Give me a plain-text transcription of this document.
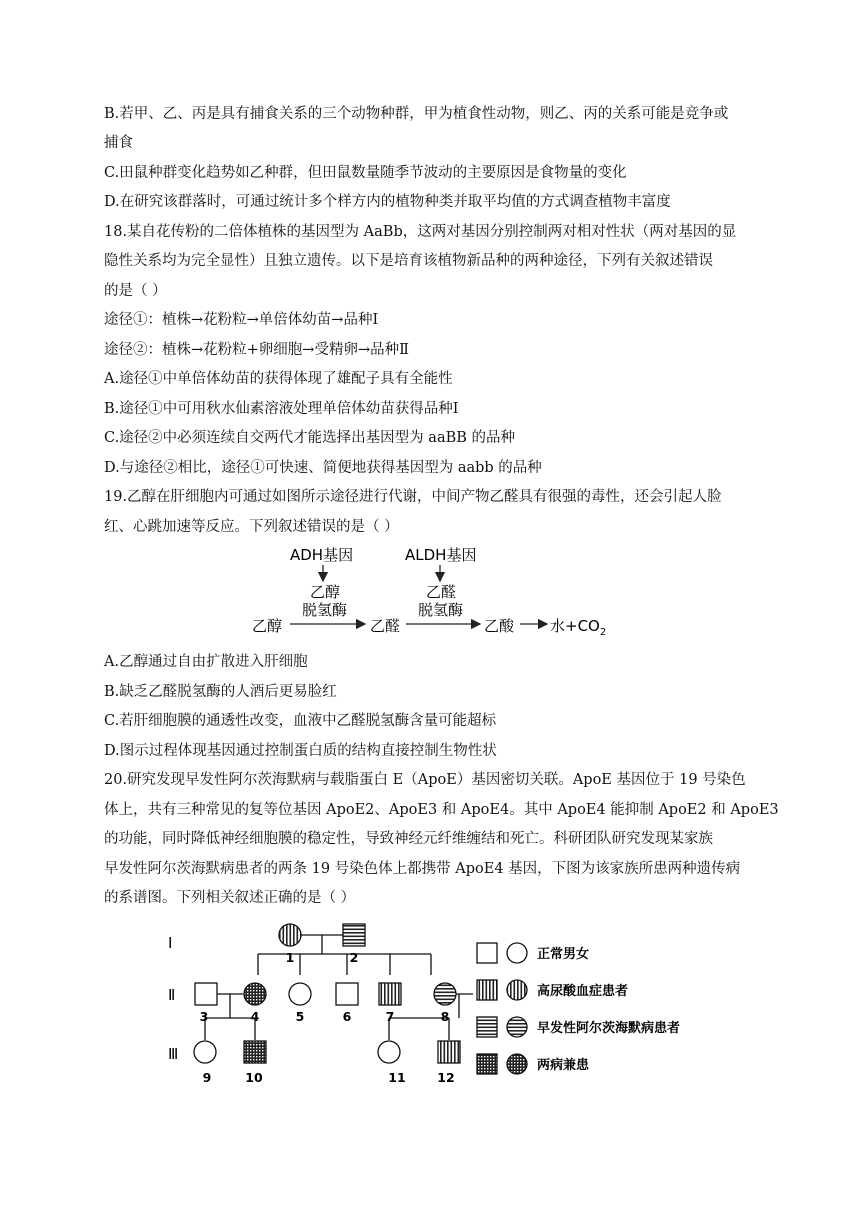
B.若甲、乙、丙是具有捕食关系的三个动物种群，甲为植食性动物，则乙、丙的关系可能是竞争或
捕食
C.田鼠种群变化趋势如乙种群，但田鼠数量随季节波动的主要原因是食物量的变化
D.在研究该群落时，可通过统计多个样方内的植物种类并取平均值的方式调查植物丰富度
18.某自花传粉的二倍体植株的基因型为 AaBb，这两对基因分别控制两对相对性状（两对基因的显
隐性关系均为完全显性）且独立遗传。以下是培育该植物新品种的两种途径，下列有关叙述错误
的是（ ）
途径①：植株→花粉粒→单倍体幼苗→品种Ⅰ
途径②：植株→花粉粒+卵细胞→受精卵→品种Ⅱ
A.途径①中单倍体幼苗的获得体现了雄配子具有全能性
B.途径①中可用秋水仙素溶液处理单倍体幼苗获得品种Ⅰ
C.途径②中必须连续自交两代才能选择出基因型为 aaBB 的品种
D.与途径②相比，途径①可快速、简便地获得基因型为 aabb 的品种
19.乙醇在肝细胞内可通过如图所示途径进行代谢，中间产物乙醛具有很强的毒性，还会引起人脸
红、心跳加速等反应。下列叙述错误的是（ ）
A.乙醇通过自由扩散进入肝细胞
B.缺乏乙醛脱氢酶的人酒后更易脸红
C.若肝细胞膜的通透性改变，血液中乙醛脱氢酶含量可能超标
D.图示过程体现基因通过控制蛋白质的结构直接控制生物性状
20.研究发现早发性阿尔茨海默病与载脂蛋白 E（ApoE）基因密切关联。ApoE 基因位于 19 号染色
体上，共有三种常见的复等位基因 ApoE2、ApoE3 和 ApoE4。其中 ApoE4 能抑制 ApoE2 和 ApoE3
的功能，同时降低神经细胞膜的稳定性，导致神经元纤维缠结和死亡。科研团队研究发现某家族
早发性阿尔茨海默病患者的两条 19 号染色体上都携带 ApoE4 基因，下图为该家族所患两种遗传病
的系谱图。下列相关叙述正确的是（ ）
ADH基因	ALDH基因
乙醇
脱氢酶
乙醛
脱氢酶
乙醇	乙醛	乙酸 水$+CO_2$
Ⅰ
Ⅱ
Ⅲ
1	2
3	4	5	6	7	8
9	10	11	12
正常男女
高尿酸血症患者
早发性阿尔茨海默病患者
两病兼患
